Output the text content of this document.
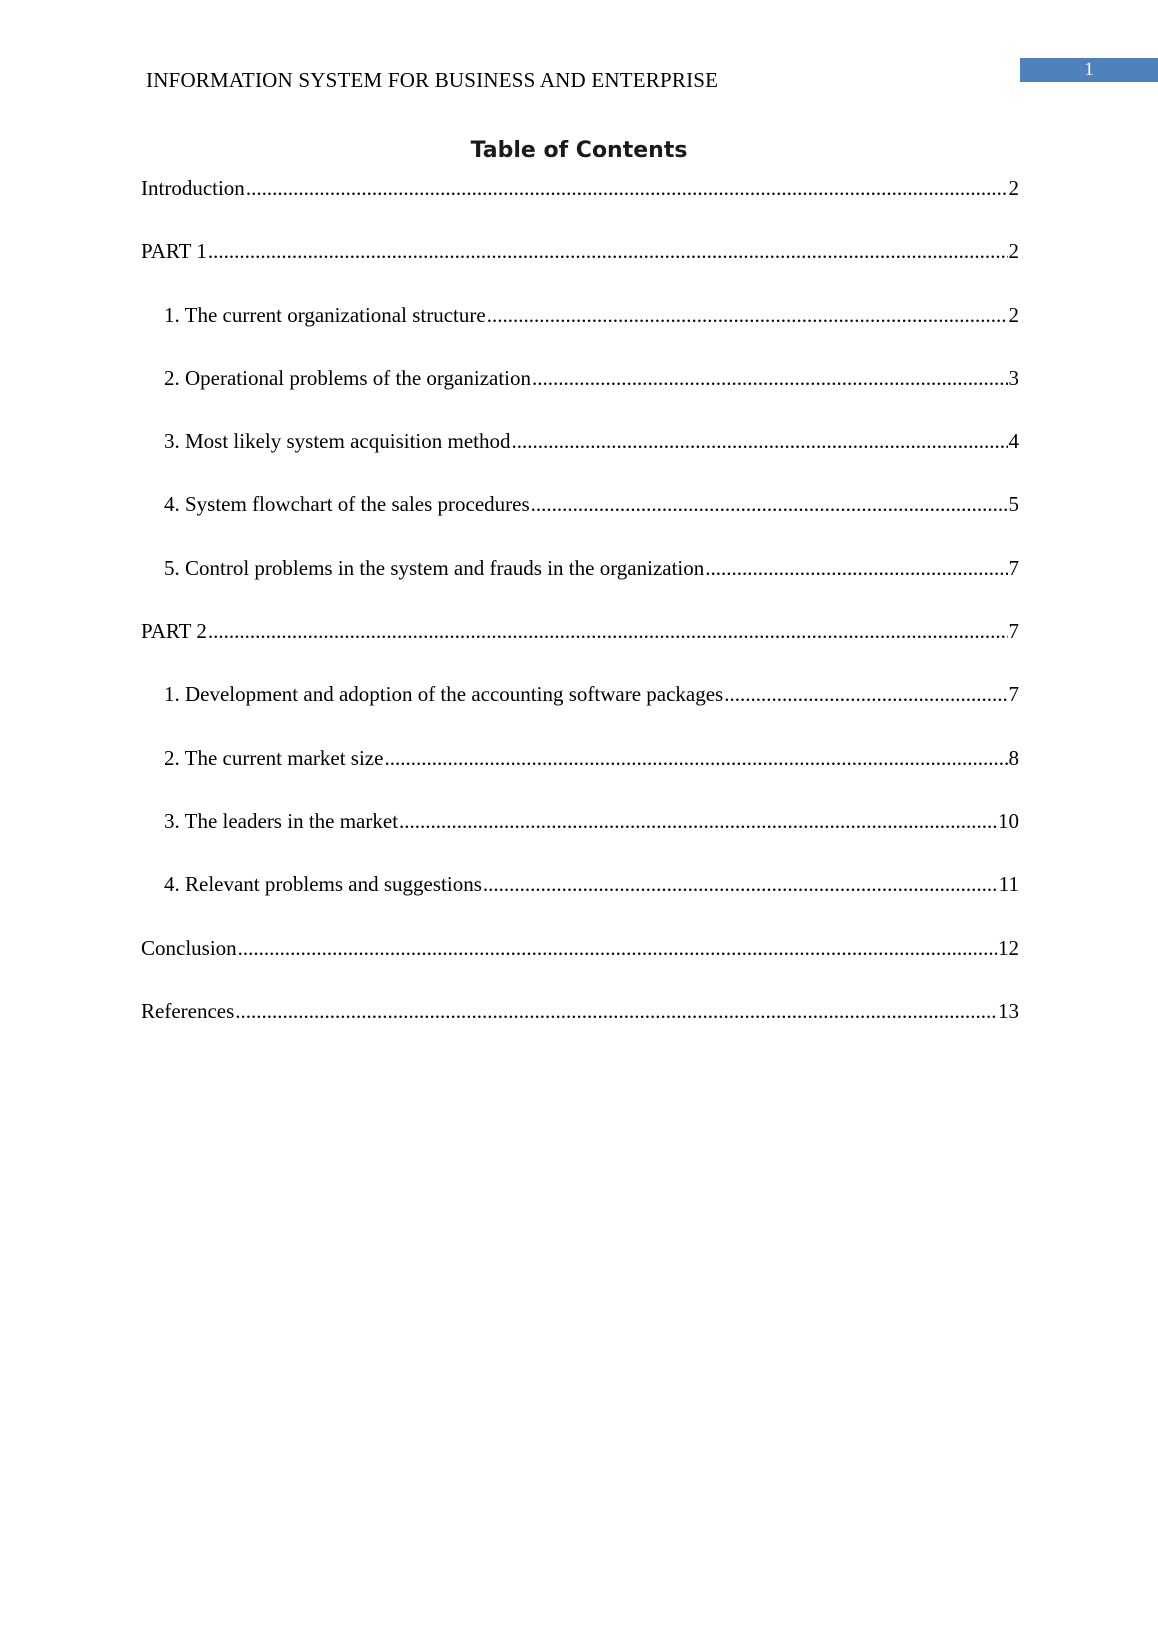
INFORMATION SYSTEM FOR BUSINESS AND ENTERPRISE	1
Table of Contents
Introduction .....	2
PART 1 .....	2
1. The current organizational structure .....	2
2. Operational problems of the organization .....	3
3. Most likely system acquisition method .....	4
4. System flowchart of the sales procedures .....	5
5. Control problems in the system and frauds in the organization .....	7
PART 2 .....	7
1. Development and adoption of the accounting software packages .....	7
2. The current market size .....	8
3. The leaders in the market .....	10
4. Relevant problems and suggestions .....	11
Conclusion .....	12
References .....	13
